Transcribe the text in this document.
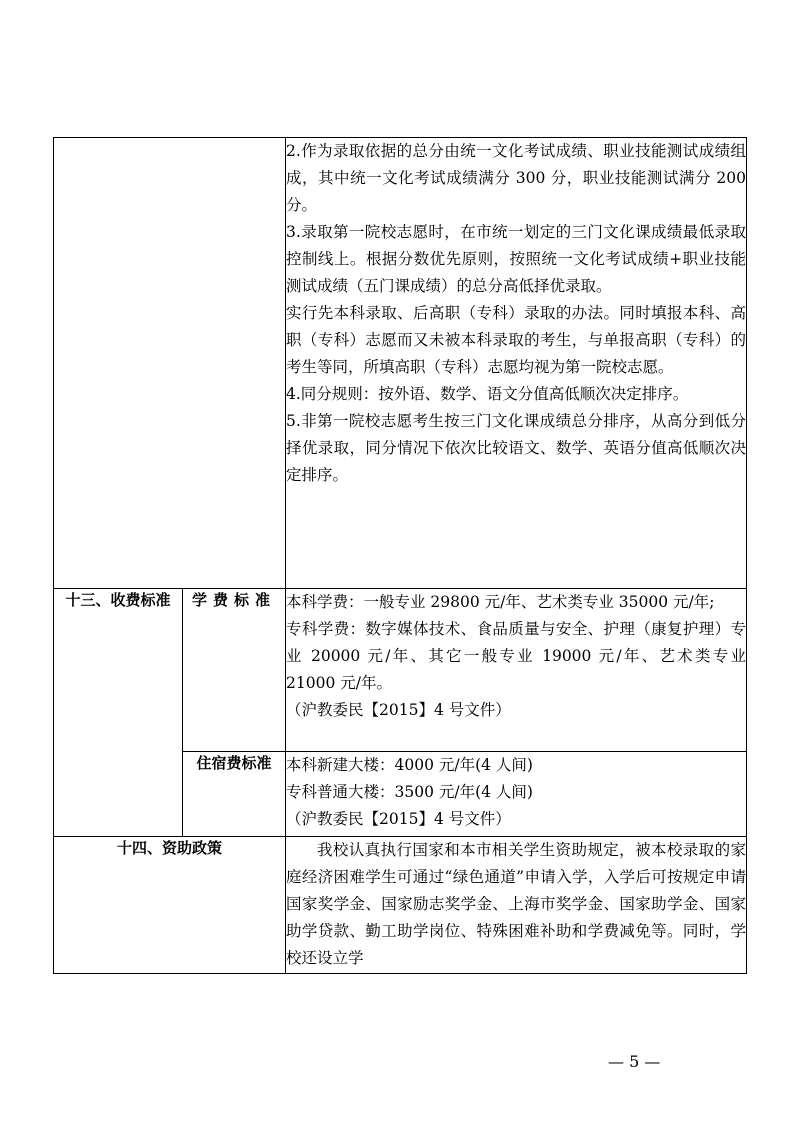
		2.作为录取依据的总分由统一文化考试成绩、职业技能测试成绩组成，其中统一文化考试成绩满分 300 分，职业技能测试满分 200 分。

3.录取第一院校志愿时，在市统一划定的三门文化课成绩最低录取控制线上。根据分数优先原则，按照统一文化考试成绩+职业技能测试成绩（五门课成绩）的总分高低择优录取。

实行先本科录取、后高职（专科）录取的办法。同时填报本科、高职（专科）志愿而又未被本科录取的考生，与单报高职（专科）的考生等同，所填高职（专科）志愿均视为第一院校志愿。

4.同分规则：按外语、数学、语文分值高低顺次决定排序。

5.非第一院校志愿考生按三门文化课成绩总分排序，从高分到低分择优录取，同分情况下依次比较语文、数学、英语分值高低顺次决定排序。

十三、收费标准	学费标准	本科学费：一般专业 29800 元/年、艺术类专业 35000 元/年;

专科学费：数字媒体技术、食品质量与安全、护理（康复护理）专业 20000 元/年、其它一般专业 19000 元/年、艺术类专业 21000 元/年。

（沪教委民【2015】4 号文件）

	住宿费标准	本科新建大楼：4000 元/年(4 人间)

专科普通大楼：3500 元/年(4 人间)

（沪教委民【2015】4 号文件）

十四、资助政策		我校认真执行国家和本市相关学生资助规定，被本校录取的家庭经济困难学生可通过“绿色通道”申请入学，入学后可按规定申请国家奖学金、国家励志奖学金、上海市奖学金、国家助学金、国家助学贷款、勤工助学岗位、特殊困难补助和学费减免等。同时，学校还设立学

— 5 —
